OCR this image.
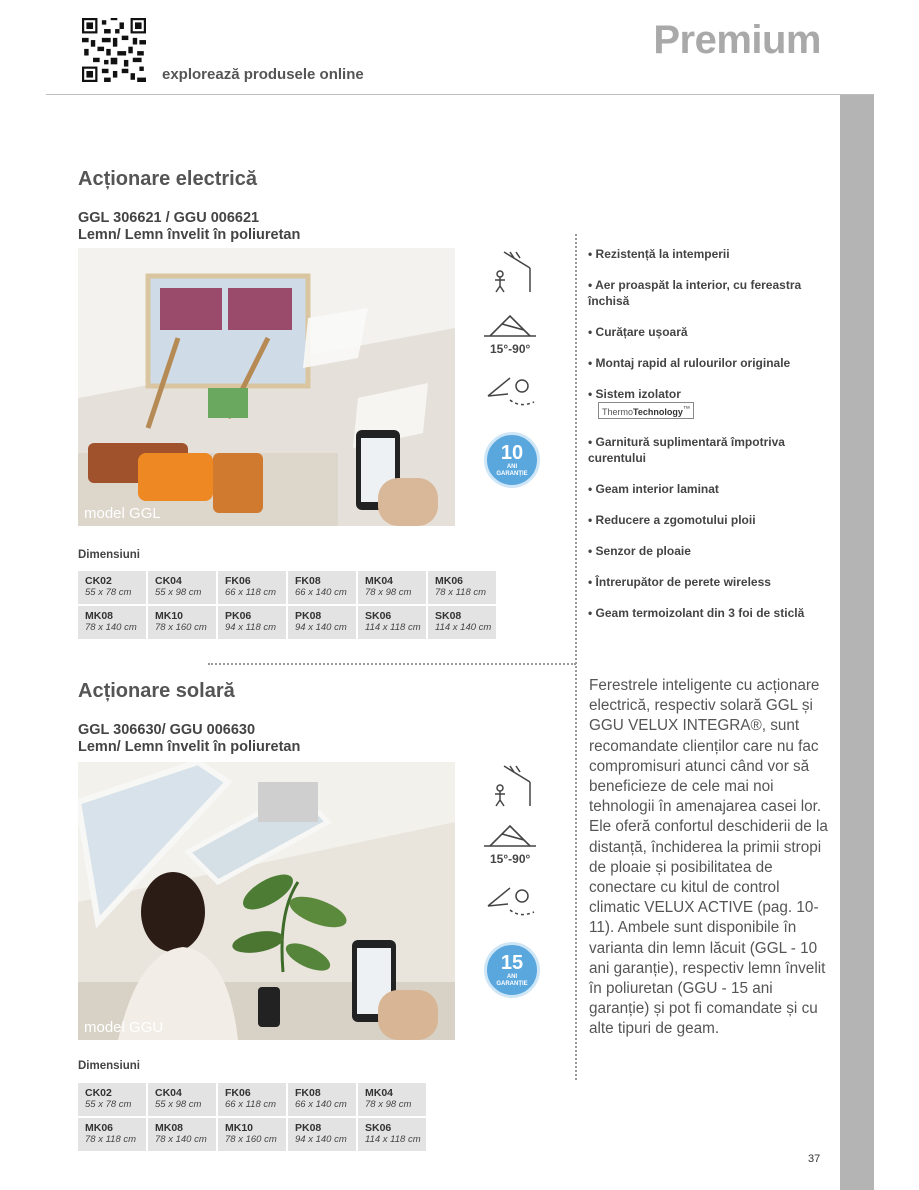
explorează produsele online
Premium
Acționare electrică
GGL 306621 / GGU 006621
Lemn/ Lemn învelit în poliuretan
model GGL
15°-90°
10
ANI
GARANȚIE
Dimensiuni
CK02
55 x 78 cm	CK04
55 x 98 cm	FK06
66 x 118 cm	FK08
66 x 140 cm	MK04
78 x 98 cm	MK06
78 x 118 cm

MK08
78 x 140 cm	MK10
78 x 160 cm	PK06
94 x 118 cm	PK08
94 x 140 cm	SK06
114 x 118 cm	SK08
114 x 140 cm
Acționare solară
GGL 306630/ GGU 006630
Lemn/ Lemn învelit în poliuretan
model GGU
15°-90°
15
ANI
GARANȚIE
Dimensiuni
CK02
55 x 78 cm	CK04
55 x 98 cm	FK06
66 x 118 cm	FK08
66 x 140 cm	MK04
78 x 98 cm

MK06
78 x 118 cm	MK08
78 x 140 cm	MK10
78 x 160 cm	PK08
94 x 140 cm	SK06
114 x 118 cm
• Rezistență la intemperii
• Aer proaspăt la interior, cu fereastra închisă
• Curățare ușoară
• Montaj rapid al rulourilor originale
• Sistem izolator
ThermoTechnology™
• Garnitură suplimentară împotriva curentului
• Geam interior laminat
• Reducere a zgomotului ploii
• Senzor de ploaie
• Întrerupător de perete wireless
• Geam termoizolant din 3 foi de sticlă

Ferestrele inteligente cu acționare electrică, respectiv solară GGL și GGU VELUX INTEGRA®, sunt recomandate clienților care nu fac compromisuri atunci când vor să beneficieze de cele mai noi tehnologii în amenajarea casei lor. Ele oferă confortul deschiderii de la distanță, închiderea la primii stropi de ploaie și posibilitatea de conectare cu kitul de control climatic VELUX ACTIVE (pag. 10-11). Ambele sunt disponibile în varianta din lemn lăcuit (GGL - 10 ani garanție), respectiv lemn învelit în poliuretan (GGU - 15 ani garanție) și pot fi comandate și cu alte tipuri de geam.

37
